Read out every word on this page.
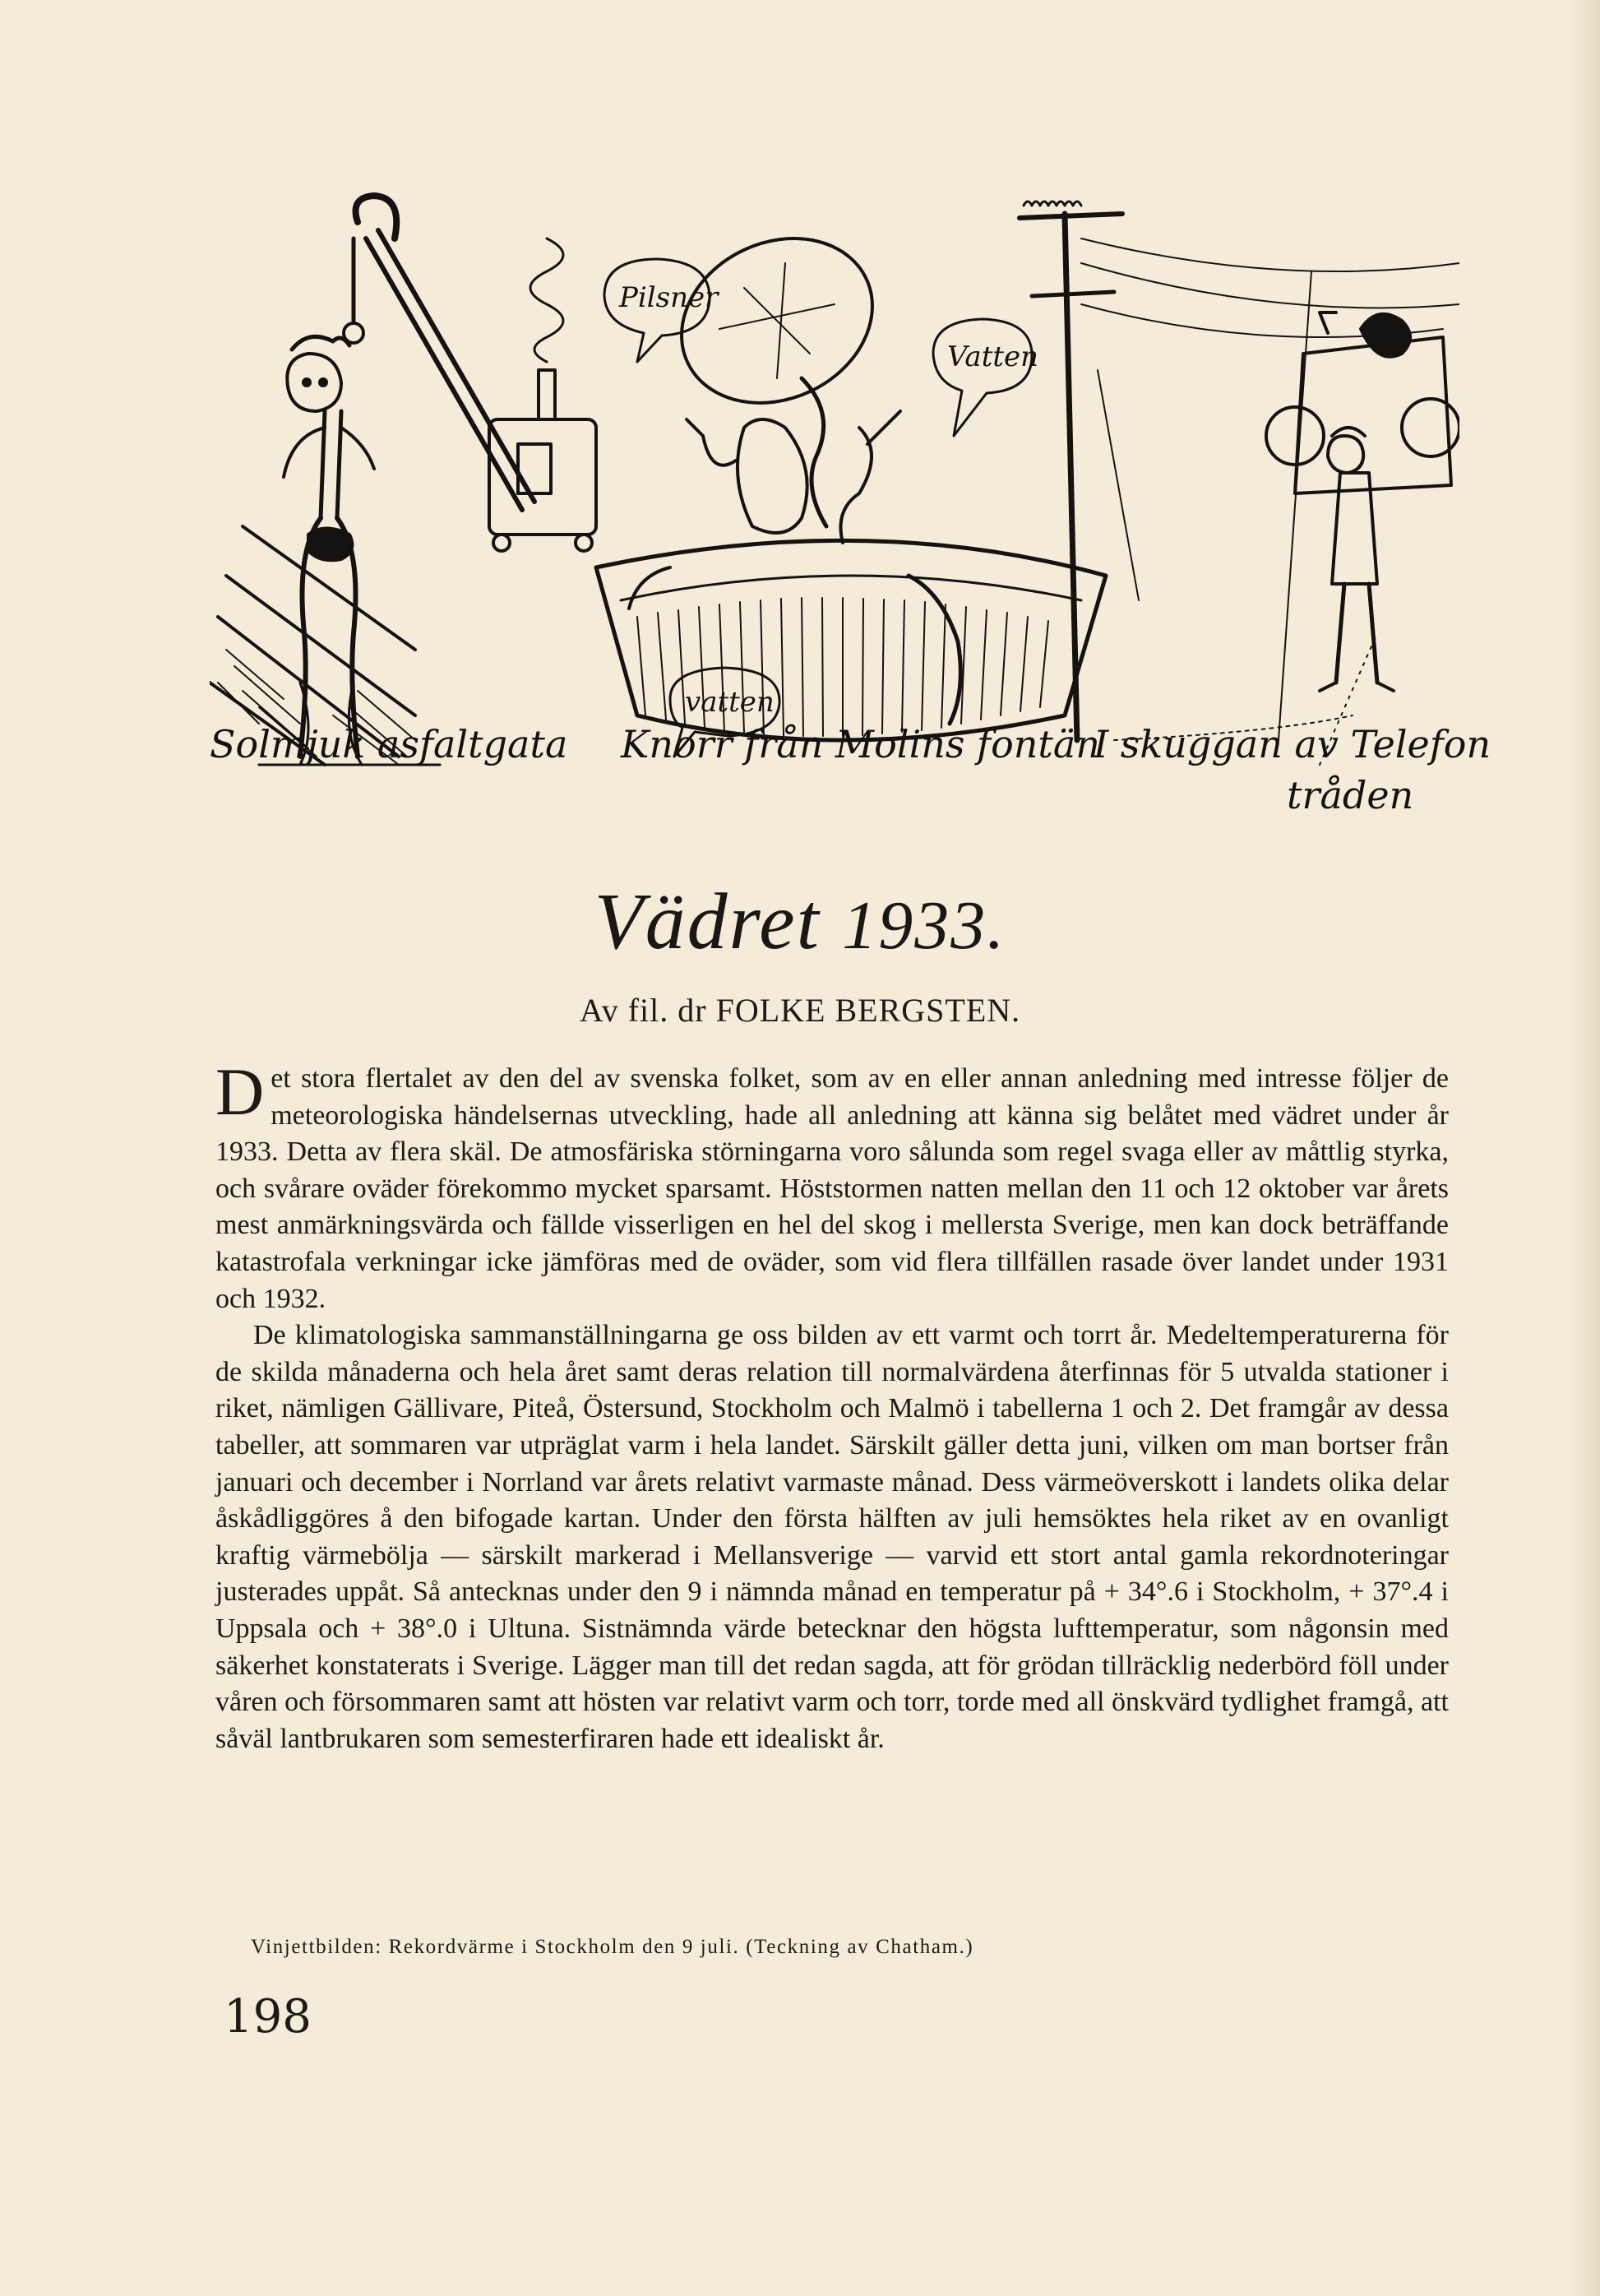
Pilsner
Vatten
vatten
Solmjuk asfaltgata Knorr från Molins fontän
I skuggan av Telefon
tråden
Vädret 1933.
Av fil. dr FOLKE BERGSTEN.

Det stora flertalet av den del av svenska folket, som av en eller annan anledning med intresse följer de meteorologiska händelsernas utveckling, hade all anledning att känna sig belåtet med vädret under år 1933. Detta av flera skäl. De atmosfäriska störningarna voro sålunda som regel svaga eller av måttlig styrka, och svårare oväder förekommo mycket sparsamt. Höststormen natten mellan den 11 och 12 oktober var årets mest anmärkningsvärda och fällde visserligen en hel del skog i mellersta Sverige, men kan dock beträffande katastrofala verkningar icke jämföras med de oväder, som vid flera tillfällen rasade över landet under 1931 och 1932.

De klimatologiska sammanställningarna ge oss bilden av ett varmt och torrt år. Medeltemperaturerna för de skilda månaderna och hela året samt deras relation till normalvärdena återfinnas för 5 utvalda stationer i riket, nämligen Gällivare, Piteå, Östersund, Stockholm och Malmö i tabellerna 1 och 2. Det framgår av dessa tabeller, att sommaren var utpräglat varm i hela landet. Särskilt gäller detta juni, vilken om man bortser från januari och december i Norrland var årets relativt varmaste månad. Dess värmeöverskott i landets olika delar åskådliggöres å den bifogade kartan. Under den första hälften av juli hemsöktes hela riket av en ovanligt kraftig värmebölja — särskilt markerad i Mellansverige — varvid ett stort antal gamla rekordnoteringar justerades uppåt. Så antecknas under den 9 i nämnda månad en temperatur på + 34°.6 i Stockholm, + 37°.4 i Uppsala och + 38°.0 i Ultuna. Sistnämnda värde betecknar den högsta lufttemperatur, som någonsin med säkerhet konstaterats i Sverige. Lägger man till det redan sagda, att för grödan tillräcklig nederbörd föll under våren och försommaren samt att hösten var relativt varm och torr, torde med all önskvärd tydlighet framgå, att såväl lantbrukaren som semesterfiraren hade ett idealiskt år.

Vinjettbilden: Rekordvärme i Stockholm den 9 juli. (Teckning av Chatham.)
198
